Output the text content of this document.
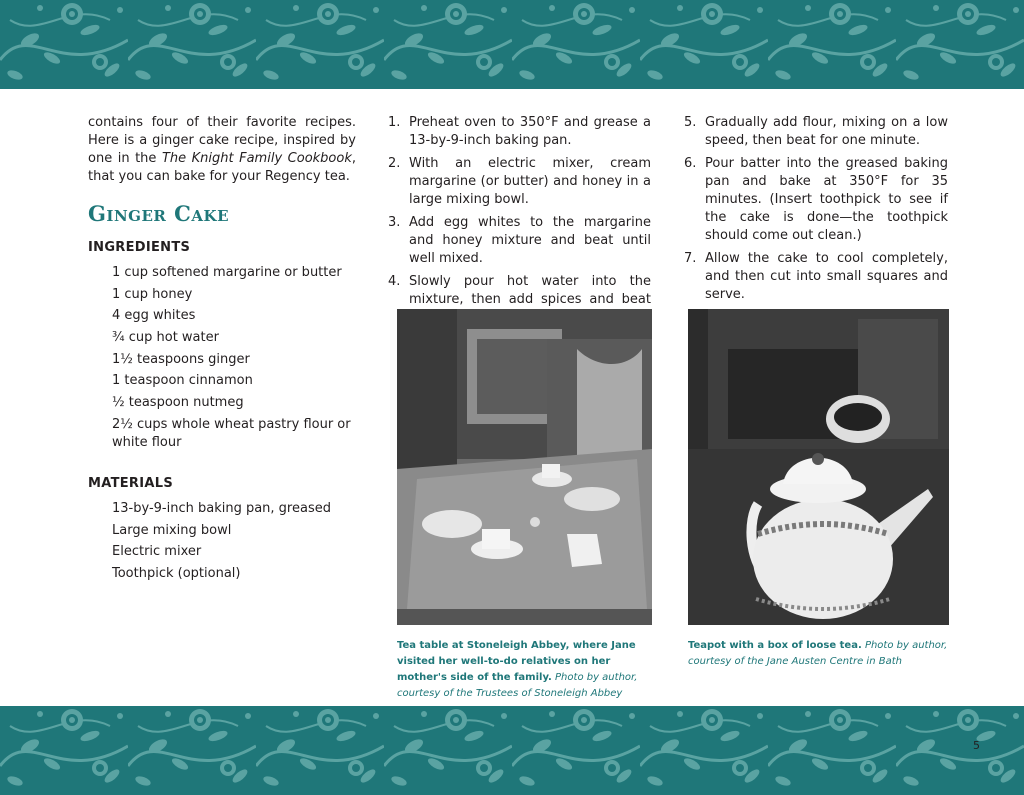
contains four of their favorite recipes. Here is a ginger cake recipe, inspired by one in the The Knight Family Cookbook, that you can bake for your Regency tea.
Ginger Cake
INGREDIENTS
1 cup softened margarine or butter
1 cup honey
4 egg whites
¾ cup hot water
1½ teaspoons ginger
1 teaspoon cinnamon
½ teaspoon nutmeg
2½ cups whole wheat pastry flour or white flour
MATERIALS
13-by-9-inch baking pan, greased
Large mixing bowl
Electric mixer
Toothpick (optional)
1. Preheat oven to 350°F and grease a 13-by-9-inch baking pan.
2. With an electric mixer, cream margarine (or butter) and honey in a large mixing bowl.
3. Add egg whites to the margarine and honey mixture and beat until well mixed.
4. Slowly pour hot water into the mixture, then add spices and beat
5. Gradually add flour, mixing on a low speed, then beat for one minute.
6. Pour batter into the greased baking pan and bake at 350°F for 35 minutes. (Insert toothpick to see if the cake is done—the toothpick should come out clean.)
7. Allow the cake to cool completely, and then cut into small squares and serve.
Tea table at Stoneleigh Abbey, where Jane visited her well-to-do relatives on her mother's side of the family. Photo by author, courtesy of the Trustees of Stoneleigh Abbey
Teapot with a box of loose tea. Photo by author, courtesy of the Jane Austen Centre in Bath
5
